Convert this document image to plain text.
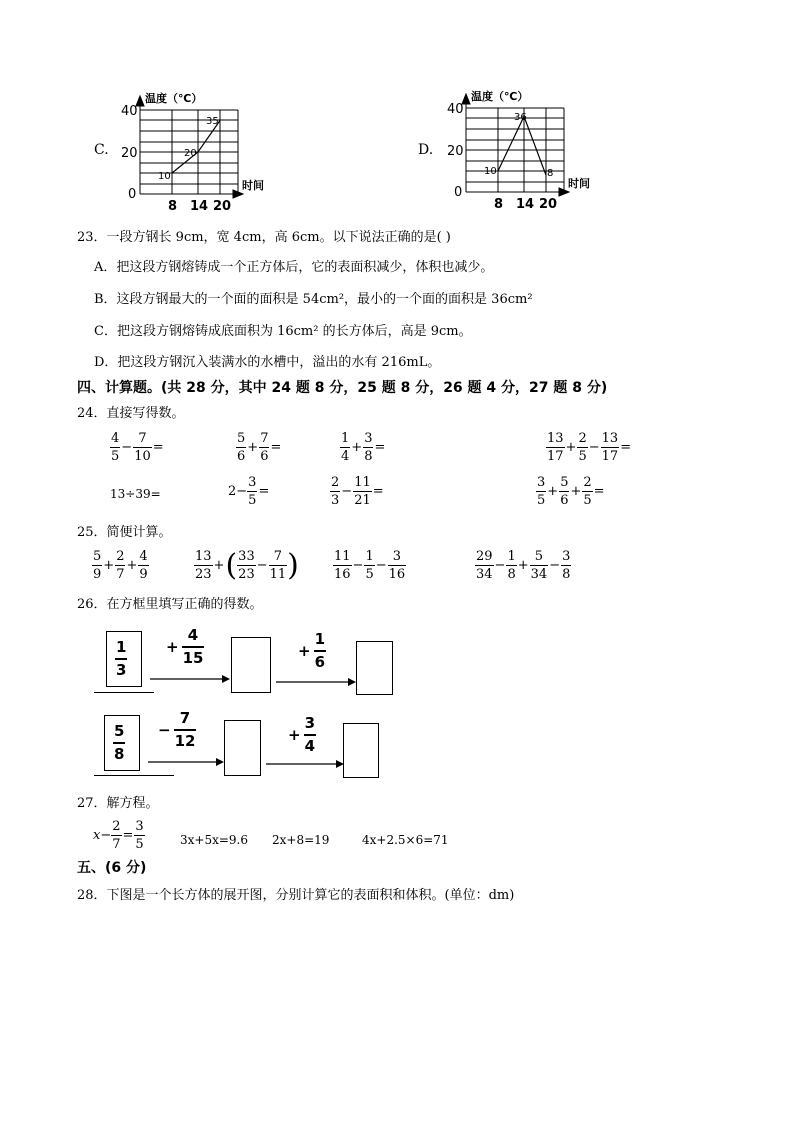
C.
温度（℃）
时间
40
20
0
8 14 20
10
20
35
D.
温度（℃）
时间
40
20
0
8 14 20
10
36
8
23．一段方钢长 9cm，宽 4cm，高 6cm。以下说法正确的是( )
A．把这段方钢熔铸成一个正方体后，它的表面积减少，体积也减少。
B．这段方钢最大的一个面的面积是 54cm²，最小的一个面的面积是 36cm²
C．把这段方钢熔铸成底面积为 16cm² 的长方体后，高是 9cm。
D．把这段方钢沉入装满水的水槽中，溢出的水有 216mL。
四、计算题。(共 28 分，其中 24 题 8 分，25 题 8 分，26 题 4 分，27 题 8 分)
24．直接写得数。
$\frac{4}{5} - \frac{7}{10}$ =	$\frac{5}{6} + \frac{7}{6}$ =	$\frac{1}{4} + \frac{3}{8}$ =	$\frac{13}{17} + \frac{2}{5} - \frac{13}{17}$ =
13÷39=	$2- \frac{3}{5}$ =	$\frac{2}{3} - \frac{11}{21}$ =	$\frac{3}{5} + \frac{5}{6} + \frac{2}{5}$ =
25．简便计算。
$\frac{5}{9} + \frac{2}{7} + \frac{4}{9}$	$\frac{13}{23}$ + ( $\frac{33}{23} - \frac{7}{11}$ )	$\frac{11}{16} - \frac{1}{5} - \frac{3}{16}$	$\frac{29}{34} - \frac{1}{8} + \frac{5}{34} - \frac{3}{8}$
26．在方框里填写正确的得数。
$\frac{1}{3}$	+ $\frac{4}{15}$	+ $\frac{1}{6}$
$\frac{5}{8} - \frac{7}{12}$	+ $\frac{3}{4}$
27．解方程。
$x- \frac{2}{7} = \frac{3}{5}$	3x+5x=9.6 2x+8=19	4x+2.5×6=71
五、(6 分)
28．下图是一个长方体的展开图，分别计算它的表面积和体积。(单位：dm)
